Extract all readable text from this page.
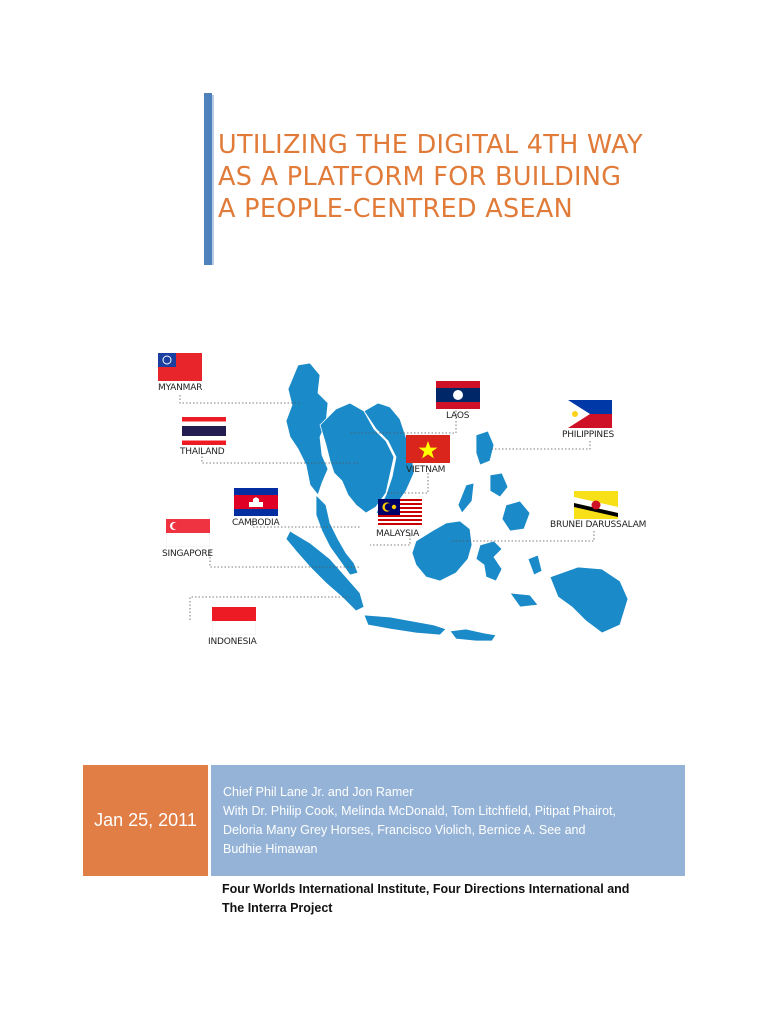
UTILIZING THE DIGITAL 4TH WAY
AS A PLATFORM FOR BUILDING
A PEOPLE-CENTRED ASEAN
MYANMAR
THAILAND
CAMBODIA
SINGAPORE
INDONESIA
LAOS
VIETNAM
MALAYSIA
PHILIPPINES
BRUNEI DARUSSALAM
Jan 25, 2011
Chief Phil Lane Jr. and Jon Ramer
With Dr. Philip Cook, Melinda McDonald, Tom Litchfield, Pitipat Phairot,
Deloria Many Grey Horses, Francisco Violich, Bernice A. See and
Budhie Himawan
Four Worlds International Institute, Four Directions International and
The Interra Project
